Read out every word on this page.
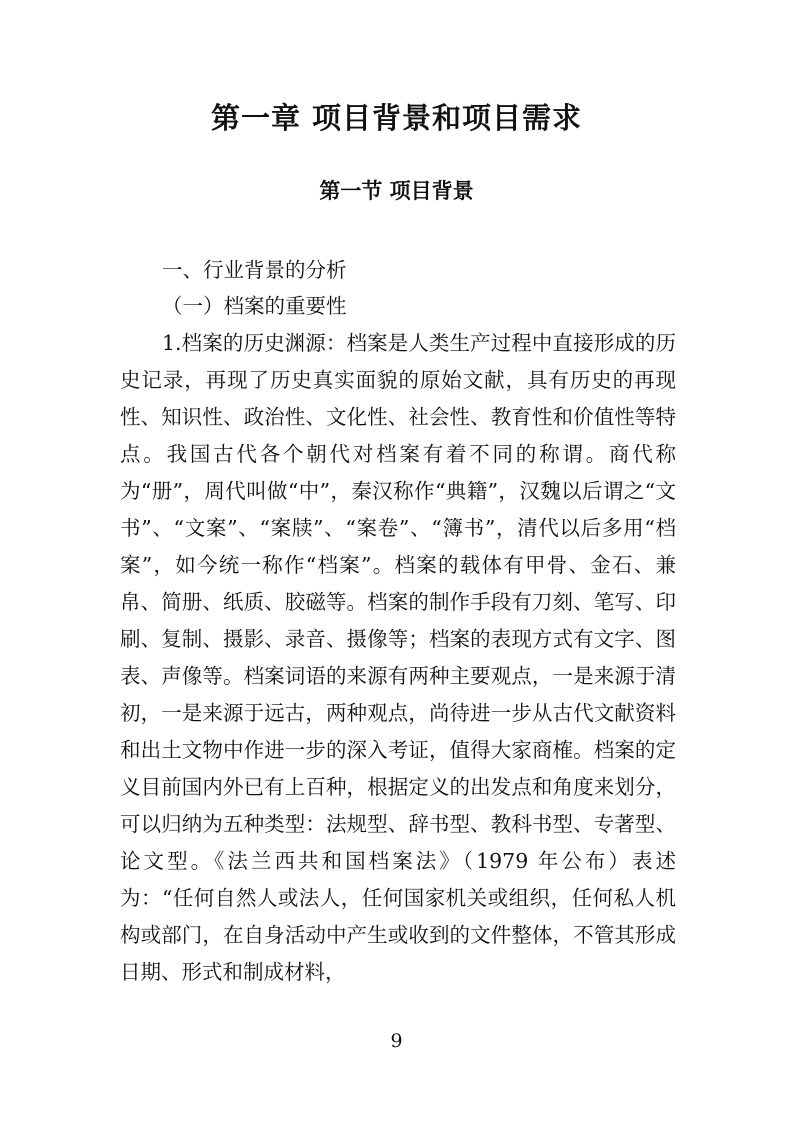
第一章 项目背景和项目需求
第一节 项目背景

一、行业背景的分析

（一）档案的重要性

1.档案的历史渊源：档案是人类生产过程中直接形成的历史记录，再现了历史真实面貌的原始文献，具有历史的再现性、知识性、政治性、文化性、社会性、教育性和价值性等特点。我国古代各个朝代对档案有着不同的称谓。商代称为“册”，周代叫做“中”，秦汉称作“典籍”，汉魏以后谓之“文书”、“文案”、“案牍”、“案卷”、“簿书”，清代以后多用“档案”，如今统一称作“档案”。档案的载体有甲骨、金石、兼帛、简册、纸质、胶磁等。档案的制作手段有刀刻、笔写、印刷、复制、摄影、录音、摄像等；档案的表现方式有文字、图表、声像等。档案词语的来源有两种主要观点，一是来源于清初，一是来源于远古，两种观点，尚待进一步从古代文献资料和出土文物中作进一步的深入考证，值得大家商榷。档案的定义目前国内外已有上百种，根据定义的出发点和角度来划分，可以归纳为五种类型：法规型、辞书型、教科书型、专著型、论文型。《法兰西共和国档案法》（1979 年公布）表述为：“任何自然人或法人，任何国家机关或组织，任何私人机构或部门，在自身活动中产生或收到的文件整体，不管其形成日期、形式和制成材料，

9
